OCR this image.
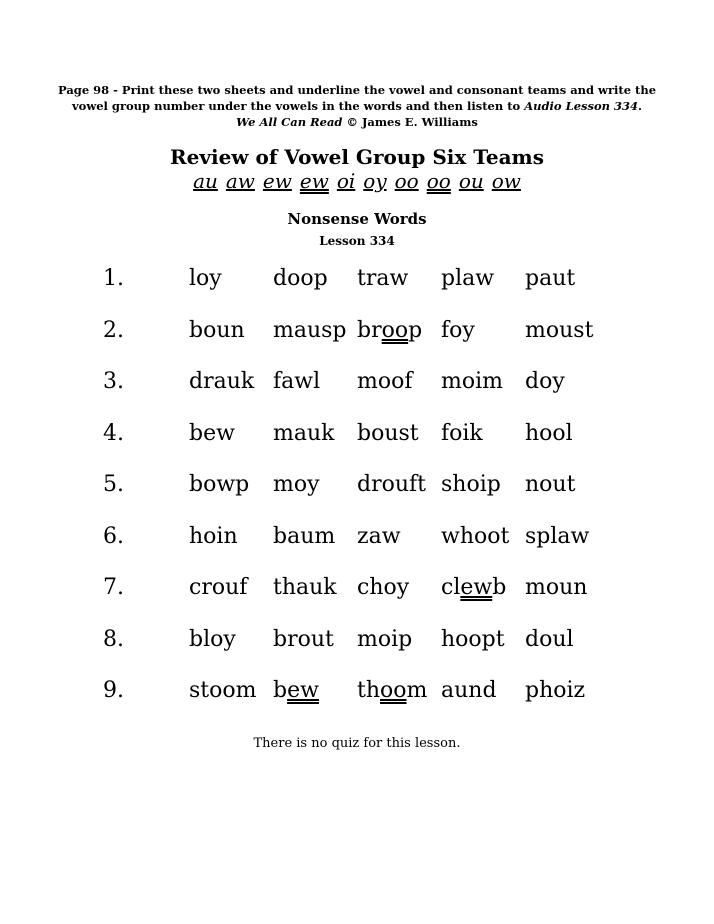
Page 98 - Print these two sheets and underline the vowel and consonant teams and write the
vowel group number under the vowels in the words and then listen to Audio Lesson 334.
We All Can Read © James E. Williams
Review of Vowel Group Six Teams
au aw ew ew oi oy oo oo ou ow
Nonsense Words
Lesson 334
1.	loy doop traw plaw paut
2.	boun mausp broop foy moust
3.	drauk fawl moof moim doy
4.	bew mauk boust foik hool
5.	bowp moy drouft shoip nout
6.	hoin baum zaw whoot splaw
7.	crouf thauk choy clewb moun
8.	bloy brout moip hoopt doul
9.	stoom bew thoom aund phoiz
There is no quiz for this lesson.
